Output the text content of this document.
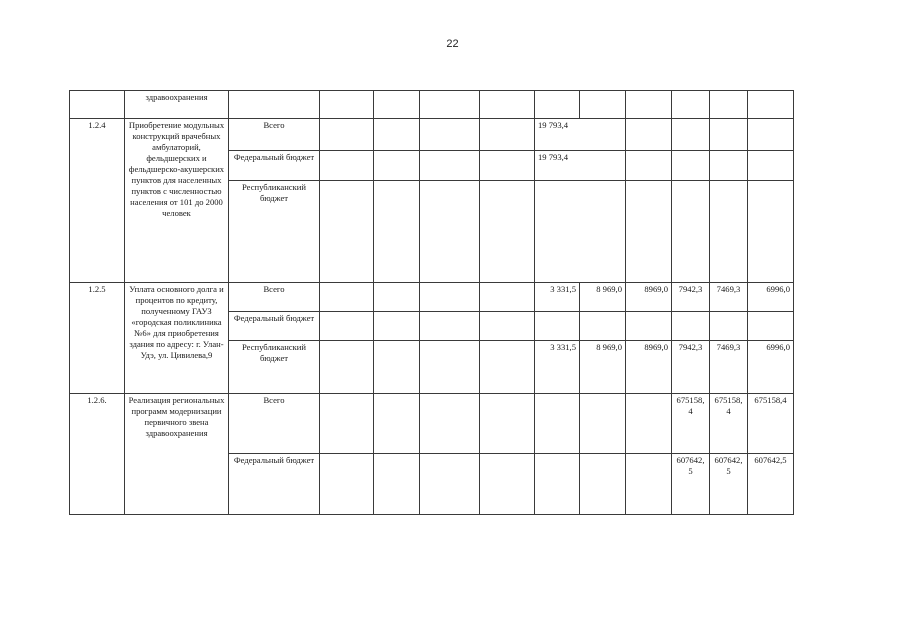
22
	здравоохранения											
1.2.4	Приобретение модульных конструкций врачебных амбулаторий, фельдшерских и фельдшерско-акушерских пунктов для населенных пунктов с численностью населения от 101 до 2000 человек	Всего					19 793,4					
		Федеральный бюджет					19 793,4					
		Республиканский бюджет										
1.2.5	Уплата основного долга и процентов по кредиту, полученному ГАУЗ «городская поликлиника №6» для приобретения здания по адресу: г. Улан-Удэ, ул. Цивилева,9	Всего					3 331,5	8 969,0	8969,0	7942,3	7469,3	6996,0
		Федеральный бюджет										
		Республиканский бюджет					3 331,5	8 969,0	8969,0	7942,3	7469,3	6996,0
1.2.6.	Реализация региональных программ модернизации первичного звена здравоохранения	Всего								675158,4	675158,4	675158,4
		Федеральный бюджет								607642,5	607642,5	607642,5
